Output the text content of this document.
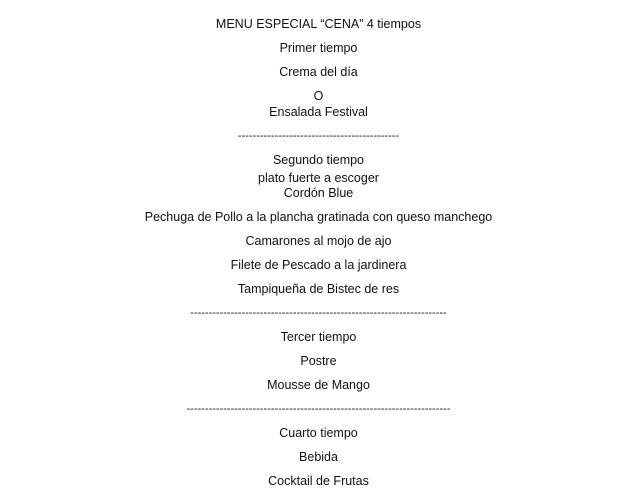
MENU ESPECIAL “CENA” 4 tiempos
Primer tiempo
Crema del día
O
Ensalada Festival
--------------------------------------------
Segundo tiempo
plato fuerte a escoger
Cordón Blue
Pechuga de Pollo a la plancha gratinada con queso manchego
Camarones al mojo de ajo
Filete de Pescado a la jardinera
Tampiqueña de Bistec de res
----------------------------------------------------------------------
Tercer tiempo
Postre
Mousse de Mango
------------------------------------------------------------------------
Cuarto tiempo
Bebida
Cocktail de Frutas
